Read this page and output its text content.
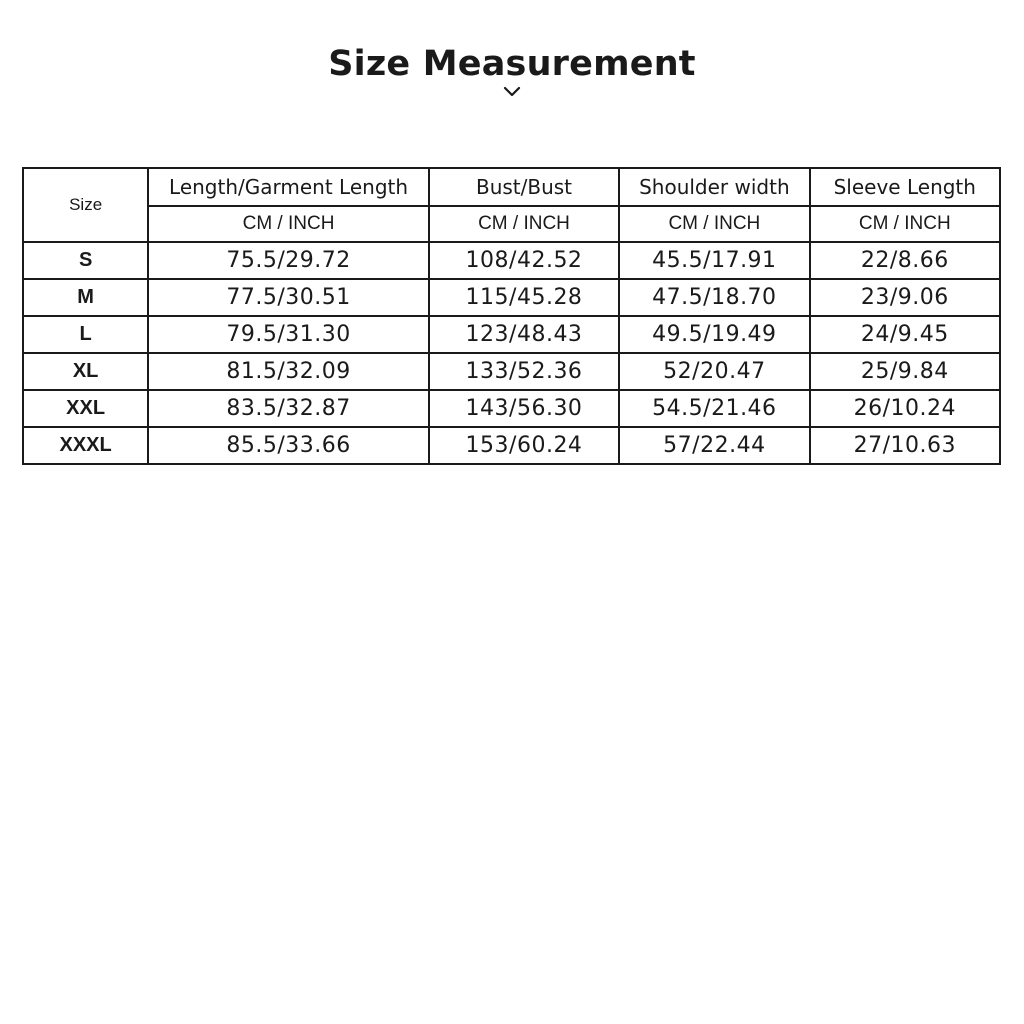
Size Measurement
Size	Length/Garment Length	Bust/Bust	Shoulder width	Sleeve Length
	CM / INCH	CM / INCH	CM / INCH	CM / INCH
S	75.5/29.72	108/42.52	45.5/17.91	22/8.66
M	77.5/30.51	115/45.28	47.5/18.70	23/9.06
L	79.5/31.30	123/48.43	49.5/19.49	24/9.45
XL	81.5/32.09	133/52.36	52/20.47	25/9.84
XXL	83.5/32.87	143/56.30	54.5/21.46	26/10.24
XXXL	85.5/33.66	153/60.24	57/22.44	27/10.63
